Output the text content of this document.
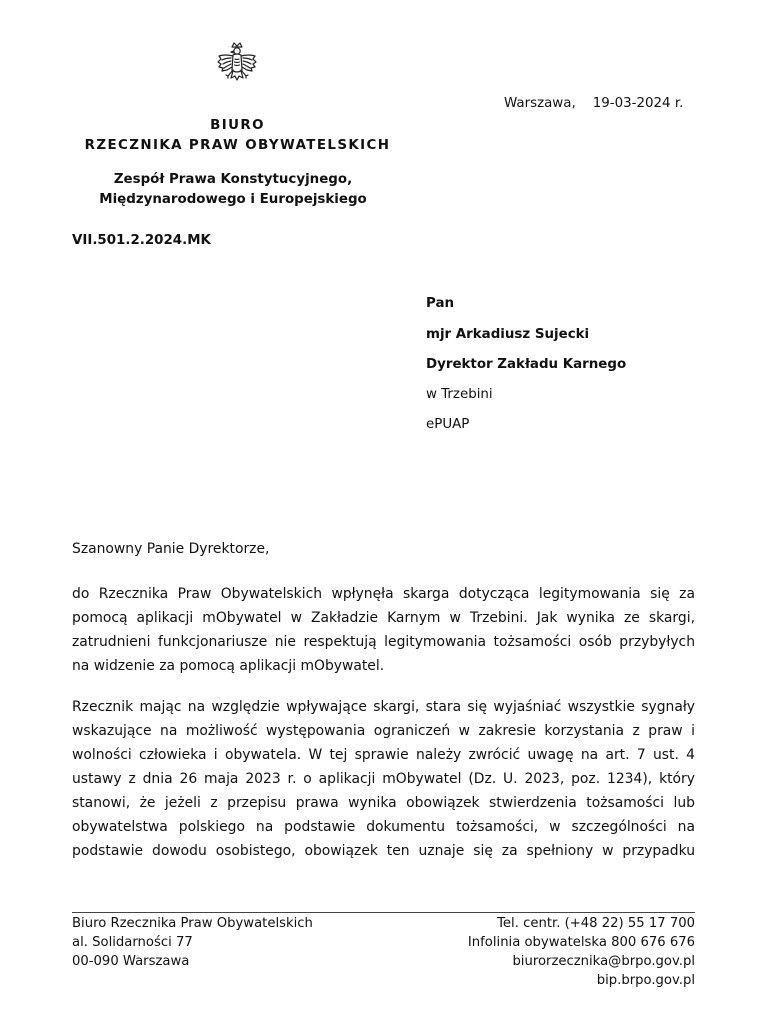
BIURO
RZECZNIKA PRAW OBYWATELSKICH
Zespół Prawa Konstytucyjnego,
Międzynarodowego i Europejskiego
VII.501.2.2024.MK
Warszawa,    19-03-2024 r.
Pan
mjr Arkadiusz Sujecki
Dyrektor Zakładu Karnego
w Trzebini
ePUAP
Szanowny Panie Dyrektorze,
do Rzecznika Praw Obywatelskich wpłynęła skarga dotycząca legitymowania się za
pomocą aplikacji mObywatel w Zakładzie Karnym w Trzebini. Jak wynika ze skargi,
zatrudnieni funkcjonariusze nie respektują legitymowania tożsamości osób przybyłych
na widzenie za pomocą aplikacji mObywatel.
Rzecznik mając na względzie wpływające skargi, stara się wyjaśniać wszystkie sygnały
wskazujące na możliwość występowania ograniczeń w zakresie korzystania z praw i
wolności człowieka i obywatela. W tej sprawie należy zwrócić uwagę na art. 7 ust. 4
ustawy z dnia 26 maja 2023 r. o aplikacji mObywatel (Dz. U. 2023, poz. 1234), który
stanowi, że jeżeli z przepisu prawa wynika obowiązek stwierdzenia tożsamości lub
obywatelstwa polskiego na podstawie dokumentu tożsamości, w szczególności na
podstawie dowodu osobistego, obowiązek ten uznaje się za spełniony w przypadku
Biuro Rzecznika Praw Obywatelskich
al. Solidarności 77
00-090 Warszawa
Tel. centr. (+48 22) 55 17 700
Infolinia obywatelska 800 676 676
biurorzecznika@brpo.gov.pl
bip.brpo.gov.pl
